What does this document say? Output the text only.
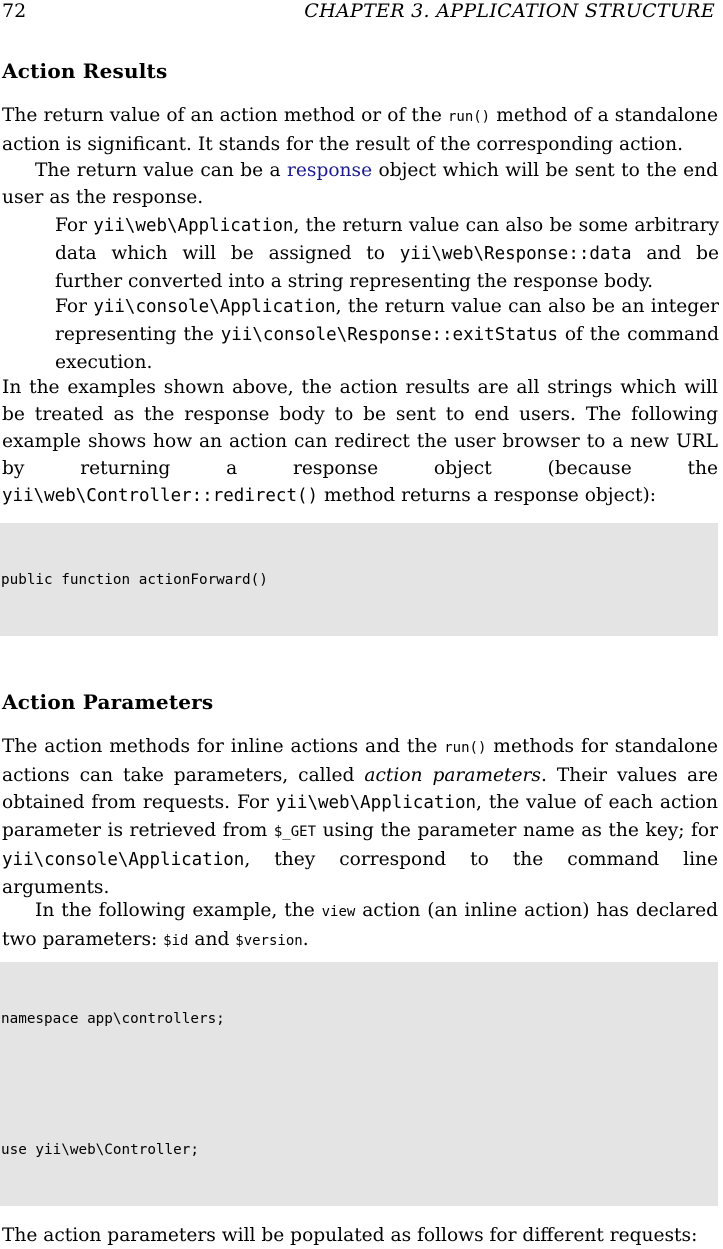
72	CHAPTER 3. APPLICATION STRUCTURE
Action Results

The return value of an action method or of the run() method of a standalone action is significant. It stands for the result of the corresponding action.

The return value can be a response object which will be sent to the end user as the response.

For yii\web\Application, the return value can also be some arbitrary data which will be assigned to yii\web\Response::data and be further converted into a string representing the response body.

For yii\console\Application, the return value can also be an integer representing the yii\console\Response::exitStatus of the command execution.

In the examples shown above, the action results are all strings which will be treated as the response body to be sent to end users. The following example shows how an action can redirect the user browser to a new URL by returning a response object (because the yii\web\Controller::redirect() method returns a response object):

public function actionForward()

Action Parameters

The action methods for inline actions and the run() methods for standalone actions can take parameters, called action parameters. Their values are obtained from requests. For yii\web\Application, the value of each action parameter is retrieved from $_GET using the parameter name as the key; for yii\console\Application, they correspond to the command line arguments.

In the following example, the view action (an inline action) has declared two parameters: $id and $version.

namespace app\controllers;

use yii\web\Controller;

The action parameters will be populated as follows for different requests:
